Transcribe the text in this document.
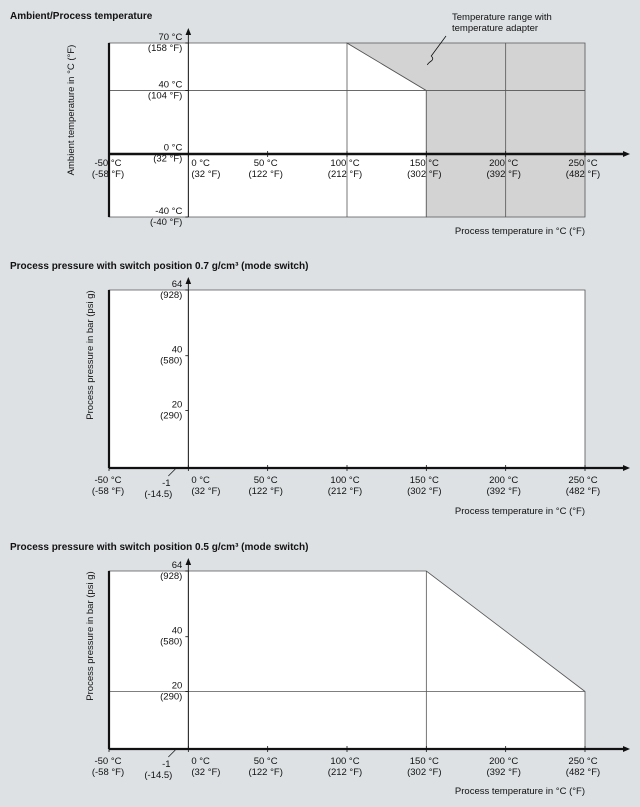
Ambient/Process temperature
-50 °C
(-58 °F)
0 °C
(32 °F)
50 °C
(122 °F)
100 °C
(212 °F)
150 °C
(302 °F)
200 °C
(392 °F)
250 °C
(482 °F)
70 °C
(158 °F)
40 °C
(104 °F)
0 °C
(32 °F)
-40 °C
(-40 °F)
Process temperature in °C (°F)
Ambient temperature in °C (°F)
Temperature range with
temperature adapter
Process pressure with switch position 0.7 g/cm³ (mode switch)
-50 °C
(-58 °F)
0 °C
(32 °F)
50 °C
(122 °F)
100 °C
(212 °F)
150 °C
(302 °F)
200 °C
(392 °F)
250 °C
(482 °F)
64
(928)
40
(580)
20
(290)
-1
(-14.5)
Process temperature in °C (°F)
Process pressure in bar (psi g)
Process pressure with switch position 0.5 g/cm³ (mode switch)
-50 °C
(-58 °F)
0 °C
(32 °F)
50 °C
(122 °F)
100 °C
(212 °F)
150 °C
(302 °F)
200 °C
(392 °F)
250 °C
(482 °F)
64
(928)
40
(580)
20
(290)
-1
(-14.5)
Process temperature in °C (°F)
Process pressure in bar (psi g)
